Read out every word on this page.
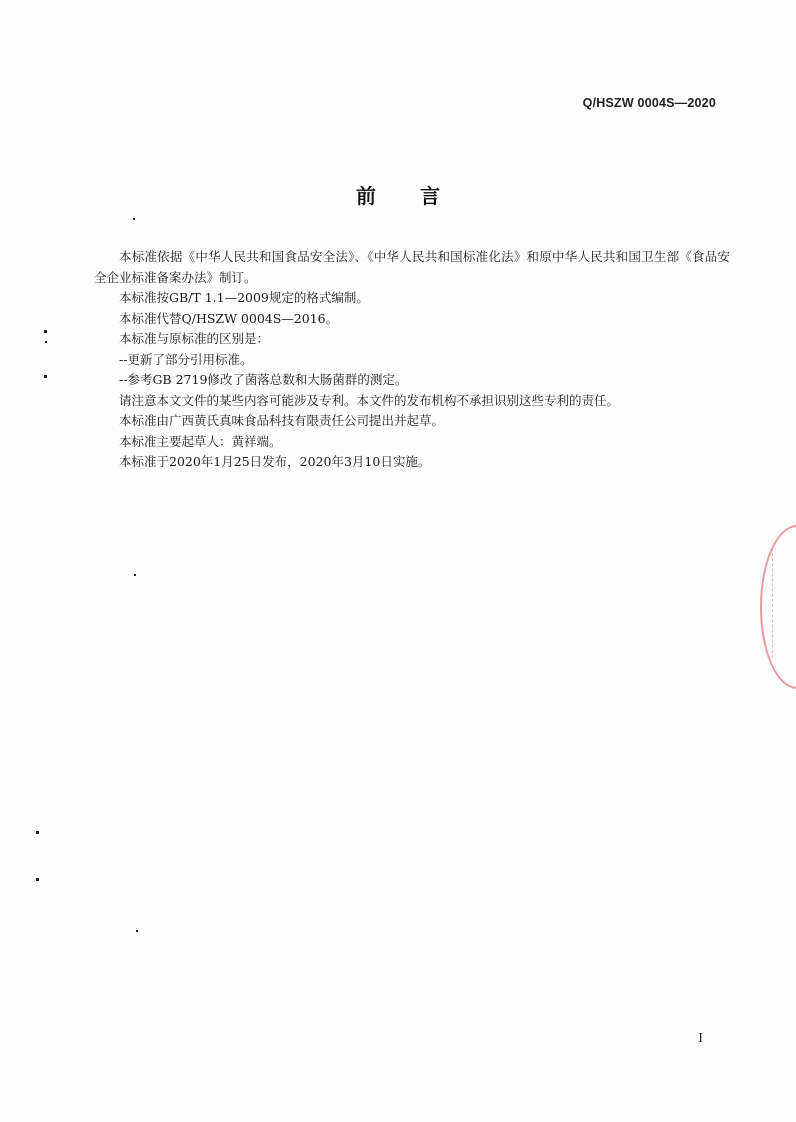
Q/HSZW 0004S—2020
前 言

本标准依据《中华人民共和国食品安全法》、《中华人民共和国标准化法》和原中华人民共和国卫生部《食品安全企业标准备案办法》制订。

本标准按GB/T 1.1—2009规定的格式编制。

本标准代替Q/HSZW 0004S—2016。

本标准与原标准的区别是：

--更新了部分引用标准。

--参考GB 2719修改了菌落总数和大肠菌群的测定。

请注意本文文件的某些内容可能涉及专利。本文件的发布机构不承担识别这些专利的责任。

本标准由广西黄氏真味食品科技有限责任公司提出并起草。

本标准主要起草人：黄祥端。

本标准于2020年1月25日发布，2020年3月10日实施。

I
